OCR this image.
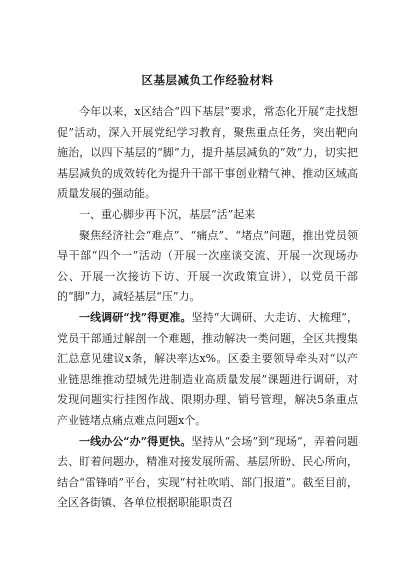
区基层减负工作经验材料

今年以来，x区结合“四下基层”要求，常态化开展“走找想促”活动，深入开展党纪学习教育，聚焦重点任务，突出靶向施治，以四下基层的“脚”力，提升基层减负的“效”力，切实把基层减负的成效转化为提升干部干事创业精气神、推动区域高质量发展的强动能。

一、重心脚步再下沉，基层“活”起来

聚焦经济社会“难点”、“痛点”、“堵点”问题，推出党员领导干部“四个一”活动（开展一次座谈交流、开展一次现场办公、开展一次接访下访、开展一次政策宣讲），以党员干部的“脚”力，减轻基层“压”力。

一线调研“找”得更准。坚持“大调研、大走访、大梳理”，党员干部通过解剖一个难题，推动解决一类问题，全区共搜集汇总意见建议x条，解决率达x%。区委主要领导牵头对“以产业链思维推动望城先进制造业高质量发展”课题进行调研，对发现问题实行挂图作战、限期办理、销号管理，解决5条重点产业链堵点痛点难点问题x个。

一线办公“办”得更快。坚持从“会场”到“现场”，弄着问题去、盯着问题办，精准对接发展所需、基层所盼、民心所向，结合“雷锋哨”平台，实现“村社吹哨、部门报道”。截至目前，全区各街镇、各单位根据职能职责召
